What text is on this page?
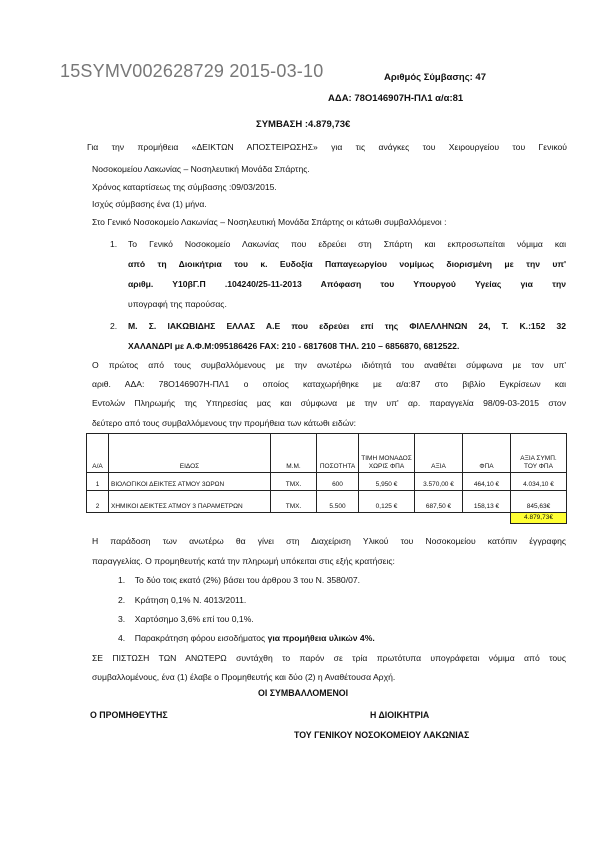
15SYMV002628729 2015-03-10	Αριθμός Σύμβασης: 47
ΑΔΑ: 78Ο146907Η-ΠΛ1 α/α:81
ΣΥΜΒΑΣΗ :4.879,73€
Για την προμήθεια «ΔΕΙΚΤΩΝ ΑΠΟΣΤΕΙΡΩΣΗΣ» για τις ανάγκες του Χειρουργείου του Γενικού
Νοσοκομείου Λακωνίας – Νοσηλευτική Μονάδα Σπάρτης.
Χρόνος καταρτίσεως της σύμβασης :09/03/2015.
Ισχύς σύμβασης ένα (1) μήνα.
Στο Γενικό Νοσοκομείο Λακωνίας – Νοσηλευτική Μονάδα Σπάρτης οι κάτωθι συμβαλλόμενοι :
1. Το Γενικό Νοσοκομείο Λακωνίας που εδρεύει στη Σπάρτη και εκπροσωπείται νόμιμα και
από τη Διοικήτρια του κ. Ευδοξία Παπαγεωργίου νομίμως διορισμένη με την υπ'
αριθμ. Υ10βΓ.Π .104240/25-11-2013 Απόφαση του Υπουργού Υγείας για την
υπογραφή της παρούσας.
2. Μ. Σ. ΙΑΚΩΒΙΔΗΣ ΕΛΛΑΣ Α.Ε που εδρεύει επί της ΦΙΛΕΛΛΗΝΩΝ 24, Τ. Κ.:152 32
ΧΑΛΑΝΔΡΙ με Α.Φ.Μ:095186426 FAX: 210 - 6817608 ΤΗΛ. 210 – 6856870, 6812522.
Ο πρώτος από τους συμβαλλόμενους με την ανωτέρω ιδιότητά του αναθέτει σύμφωνα με τον υπ'
αριθ. ΑΔΑ: 78Ο146907Η-ΠΛ1 ο οποίος καταχωρήθηκε με α/α:87 στο βιβλίο Εγκρίσεων και
Εντολών Πληρωμής της Υπηρεσίας μας και σύμφωνα με την υπ' αρ. παραγγελία 98/09-03-2015 στον
δεύτερο από τους συμβαλλόμενους την προμήθεια των κάτωθι ειδών:
Α/Α	ΕΙΔΟΣ	Μ.Μ.	ΠΟΣΟΤΗΤΑ	ΤΙΜΗ ΜΟΝΑΔΟΣ ΧΩΡΙΣ ΦΠΑ	ΑΞΙΑ	ΦΠΑ	ΑΞΙΑ ΣΥΜΠ. ΤΟΥ ΦΠΑ
1	ΒΙΟΛΟΓΙΚΟΙ ΔΕΙΚΤΕΣ ΑΤΜΟΥ 3ΩΡΩΝ	ΤΜΧ.	600	5,950 €	3.570,00 €	464,10 €	4.034,10 €
2	ΧΗΜΙΚΟΙ ΔΕΙΚΤΕΣ ΑΤΜΟΥ 3 ΠΑΡΑΜΕΤΡΩΝ	ΤΜΧ.	5.500	0,125 €	687,50 €	158,13 €	845,63€
							4.879,73€
Η παράδοση των ανωτέρω θα γίνει στη Διαχείριση Υλικού του Νοσοκομείου κατόπιν έγγραφης
παραγγελίας. Ο προμηθευτής κατά την πληρωμή υπόκειται στις εξής κρατήσεις:
1. Το δύο τοις εκατό (2%) βάσει του άρθρου 3 του Ν. 3580/07.
2. Κράτηση 0,1% Ν. 4013/2011.
3. Χαρτόσημο 3,6% επί του 0,1%.
4. Παρακράτηση φόρου εισοδήματος για προμήθεια υλικών 4%.
ΣΕ ΠΙΣΤΩΣΗ ΤΩΝ ΑΝΩΤΕΡΩ συντάχθη το παρόν σε τρία πρωτότυπα υπογράφεται νόμιμα από τους
συμβαλλομένους, ένα (1) έλαβε ο Προμηθευτής και δύο (2) η Αναθέτουσα Αρχή.
ΟΙ ΣΥΜΒΑΛΛΟΜΕΝΟΙ
Ο ΠΡΟΜΗΘΕΥΤΗΣ	Η ΔΙΟΙΚΗΤΡΙΑ
ΤΟΥ ΓΕΝΙΚΟΥ ΝΟΣΟΚΟΜΕΙΟΥ ΛΑΚΩΝΙΑΣ
